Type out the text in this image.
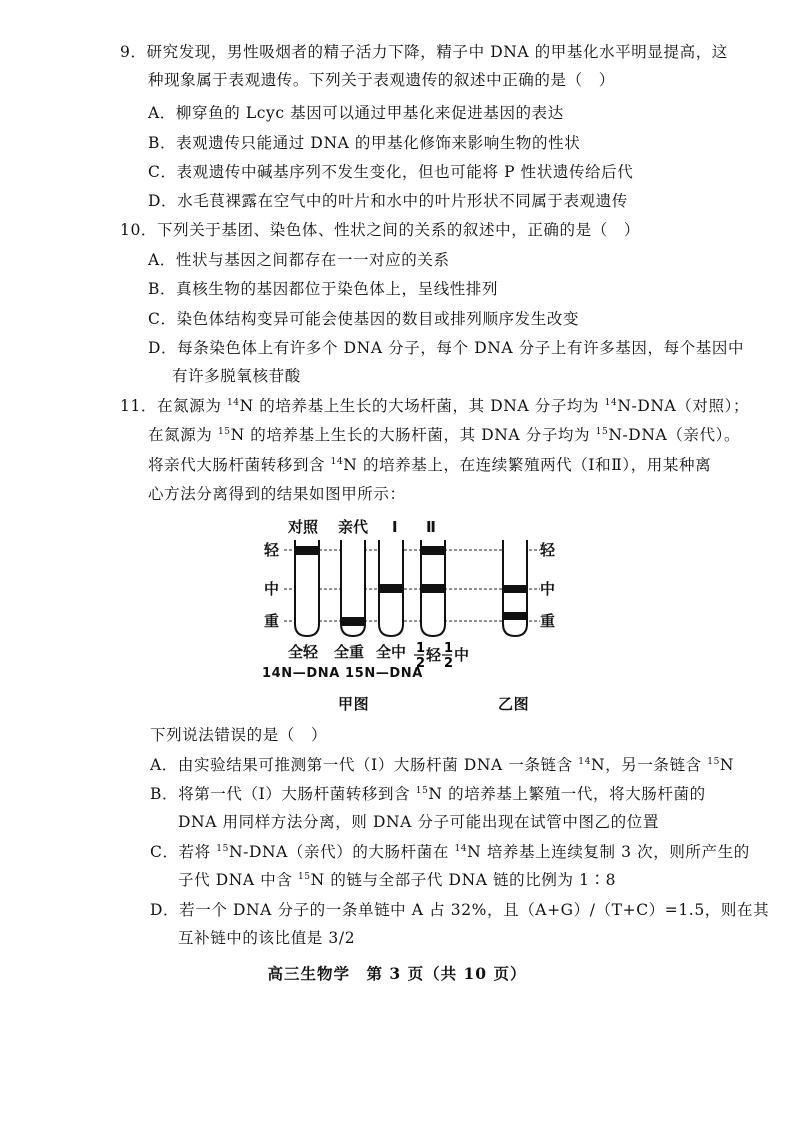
9．研究发现，男性吸烟者的精子活力下降，精子中 DNA 的甲基化水平明显提高，这
种现象属于表观遗传。下列关于表观遗传的叙述中正确的是（　）
A．柳穿鱼的 Lcyc 基因可以通过甲基化来促进基因的表达
B．表观遗传只能通过 DNA 的甲基化修饰来影响生物的性状
C．表观遗传中碱基序列不发生变化，但也可能将 P 性状遗传给后代
D．水毛茛裸露在空气中的叶片和水中的叶片形状不同属于表观遗传
10．下列关于基团、染色体、性状之间的关系的叙述中，正确的是（　）
A．性状与基因之间都存在一一对应的关系
B．真核生物的基因都位于染色体上，呈线性排列
C．染色体结构变异可能会使基因的数目或排列顺序发生改变
D．每条染色体上有许多个 DNA 分子，每个 DNA 分子上有许多基因，每个基因中
有许多脱氧核苷酸
11．在氮源为 $^{14}$N 的培养基上生长的大场杆菌，其 DNA 分子均为 $^{14}$N-DNA（对照）；
在氮源为 $^{15}$N 的培养基上生长的大肠杆菌，其 DNA 分子均为 $^{15}$N-DNA（亲代）。
将亲代大肠杆菌转移到含 $^{14}$N 的培养基上，在连续繁殖两代（Ⅰ和Ⅱ），用某种离
心方法分离得到的结果如图甲所示：
对照 亲代 Ⅰ Ⅱ
轻
中
重
轻
中
重
全轻 全重 全中 1
2 轻 1
2 中
14N—DNA 15N—DNA
甲图	乙图
下列说法错误的是（　）
A．由实验结果可推测第一代（Ⅰ）大肠杆菌 DNA 一条链含 $^{14}$N，另一条链含 $^{15}$N
B．将第一代（Ⅰ）大肠杆菌转移到含 $^{15}$N 的培养基上繁殖一代，将大肠杆菌的
DNA 用同样方法分离，则 DNA 分子可能出现在试管中图乙的位置
C．若将 $^{15}$N-DNA（亲代）的大肠杆菌在 $^{14}$N 培养基上连续复制 3 次，则所产生的
子代 DNA 中含 $^{15}$N 的链与全部子代 DNA 链的比例为 1∶8
D．若一个 DNA 分子的一条单链中 A 占 32%，且（A+G）/（T+C）=1.5，则在其
互补链中的该比值是 3/2
高三生物学　第 3 页（共 10 页）
